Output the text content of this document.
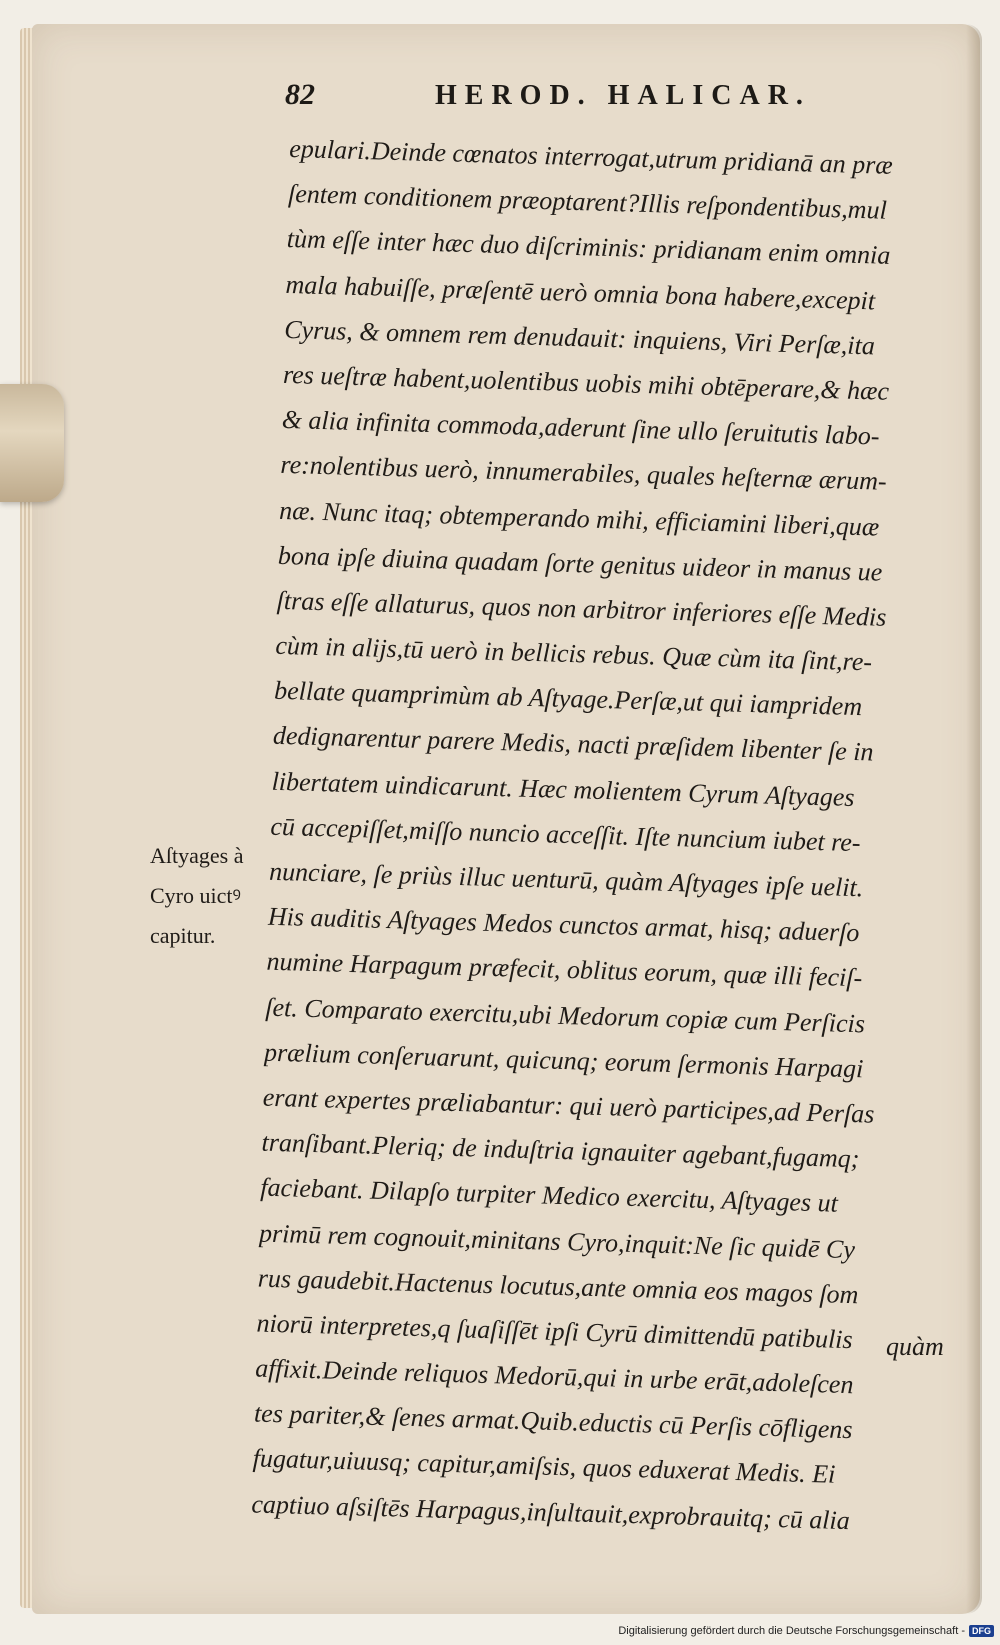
82	HEROD. HALICAR.
epulari.Deinde cœnatos interrogat,utrum pridianā an præ
ſentem conditionem præoptarent?Illis reſpondentibus,mul
tùm eſſe inter hæc duo diſcriminis: pridianam enim omnia
mala habuiſſe, præſentē uerò omnia bona habere,excepit
Cyrus, & omnem rem denudauit: inquiens, Viri Perſæ,ita
res ueſtræ habent,uolentibus uobis mihi obtēperare,& hæc
& alia infinita commoda,aderunt ſine ullo ſeruitutis labo-
re:nolentibus uerò, innumerabiles, quales heſternæ ærum-
næ. Nunc itaq; obtemperando mihi, efficiamini liberi,quæ
bona ipſe diuina quadam ſorte genitus uideor in manus ue
ſtras eſſe allaturus, quos non arbitror inferiores eſſe Medis
cùm in alijs,tū uerò in bellicis rebus. Quæ cùm ita ſint,re-
bellate quamprimùm ab Aſtyage.Perſæ,ut qui iampridem
dedignarentur parere Medis, nacti præſidem libenter ſe in
libertatem uindicarunt. Hæc molientem Cyrum Aſtyages
cū accepiſſet,miſſo nuncio acceſſit. Iſte nuncium iubet re-
nunciare, ſe priùs illuc uenturū, quàm Aſtyages ipſe uelit.
His auditis Aſtyages Medos cunctos armat, hisq; aduerſo
numine Harpagum præfecit, oblitus eorum, quæ illi feciſ-
ſet. Comparato exercitu,ubi Medorum copiæ cum Perſicis
prælium conſeruarunt, quicunq; eorum ſermonis Harpagi
erant expertes præliabantur: qui uerò participes,ad Perſas
tranſibant.Pleriq; de induſtria ignauiter agebant,fugamq;
faciebant. Dilapſo turpiter Medico exercitu, Aſtyages ut
primū rem cognouit,minitans Cyro,inquit:Ne ſic quidē Cy
rus gaudebit.Hactenus locutus,ante omnia eos magos ſom
niorū interpretes,q ſuaſiſſēt ipſi Cyrū dimittendū patibulis
affixit.Deinde reliquos Medorū,qui in urbe erāt,adoleſcen
tes pariter,& ſenes armat.Quib.eductis cū Perſis cōfligens
fugatur,uiuusq; capitur,amiſsis, quos eduxerat Medis. Ei
captiuo aſsiſtēs Harpagus,inſultauit,exprobrauitq; cū alia
quàm
Aſtyages à
Cyro uictꝰ
capitur.
Digitalisierung gefördert durch die Deutsche Forschungsgemeinschaft - DFG
